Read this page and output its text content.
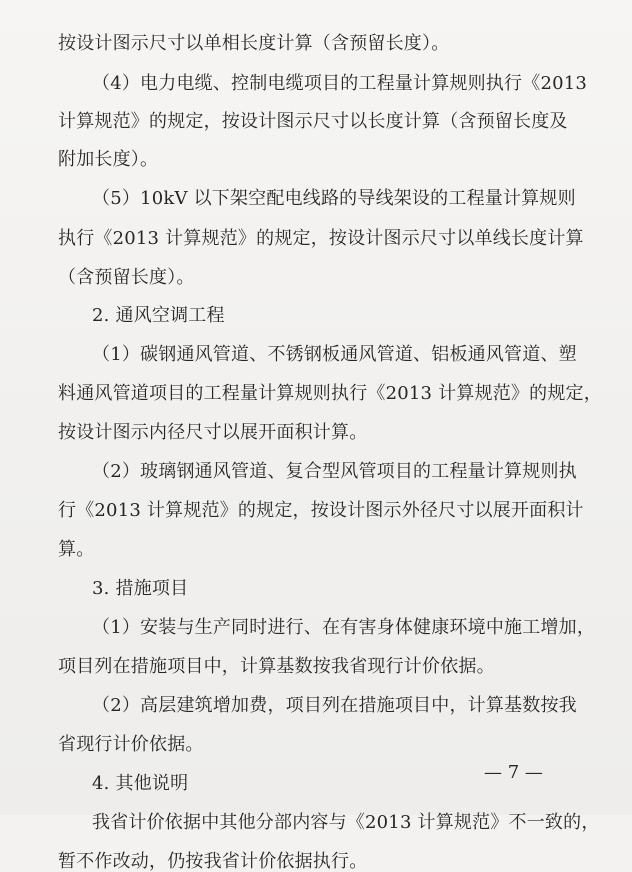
按设计图示尺寸以单相长度计算（含预留长度）。
（4）电力电缆、控制电缆项目的工程量计算规则执行《2013
计算规范》的规定，按设计图示尺寸以长度计算（含预留长度及
附加长度）。
（5）10kV 以下架空配电线路的导线架设的工程量计算规则
执行《2013 计算规范》的规定，按设计图示尺寸以单线长度计算
（含预留长度）。
2. 通风空调工程
（1）碳钢通风管道、不锈钢板通风管道、铝板通风管道、塑
料通风管道项目的工程量计算规则执行《2013 计算规范》的规定，
按设计图示内径尺寸以展开面积计算。
（2）玻璃钢通风管道、复合型风管项目的工程量计算规则执
行《2013 计算规范》的规定，按设计图示外径尺寸以展开面积计
算。
3. 措施项目
（1）安装与生产同时进行、在有害身体健康环境中施工增加，
项目列在措施项目中，计算基数按我省现行计价依据。
（2）高层建筑增加费，项目列在措施项目中，计算基数按我
省现行计价依据。
4. 其他说明
我省计价依据中其他分部内容与《2013 计算规范》不一致的，
暂不作改动，仍按我省计价依据执行。
— 7 —
